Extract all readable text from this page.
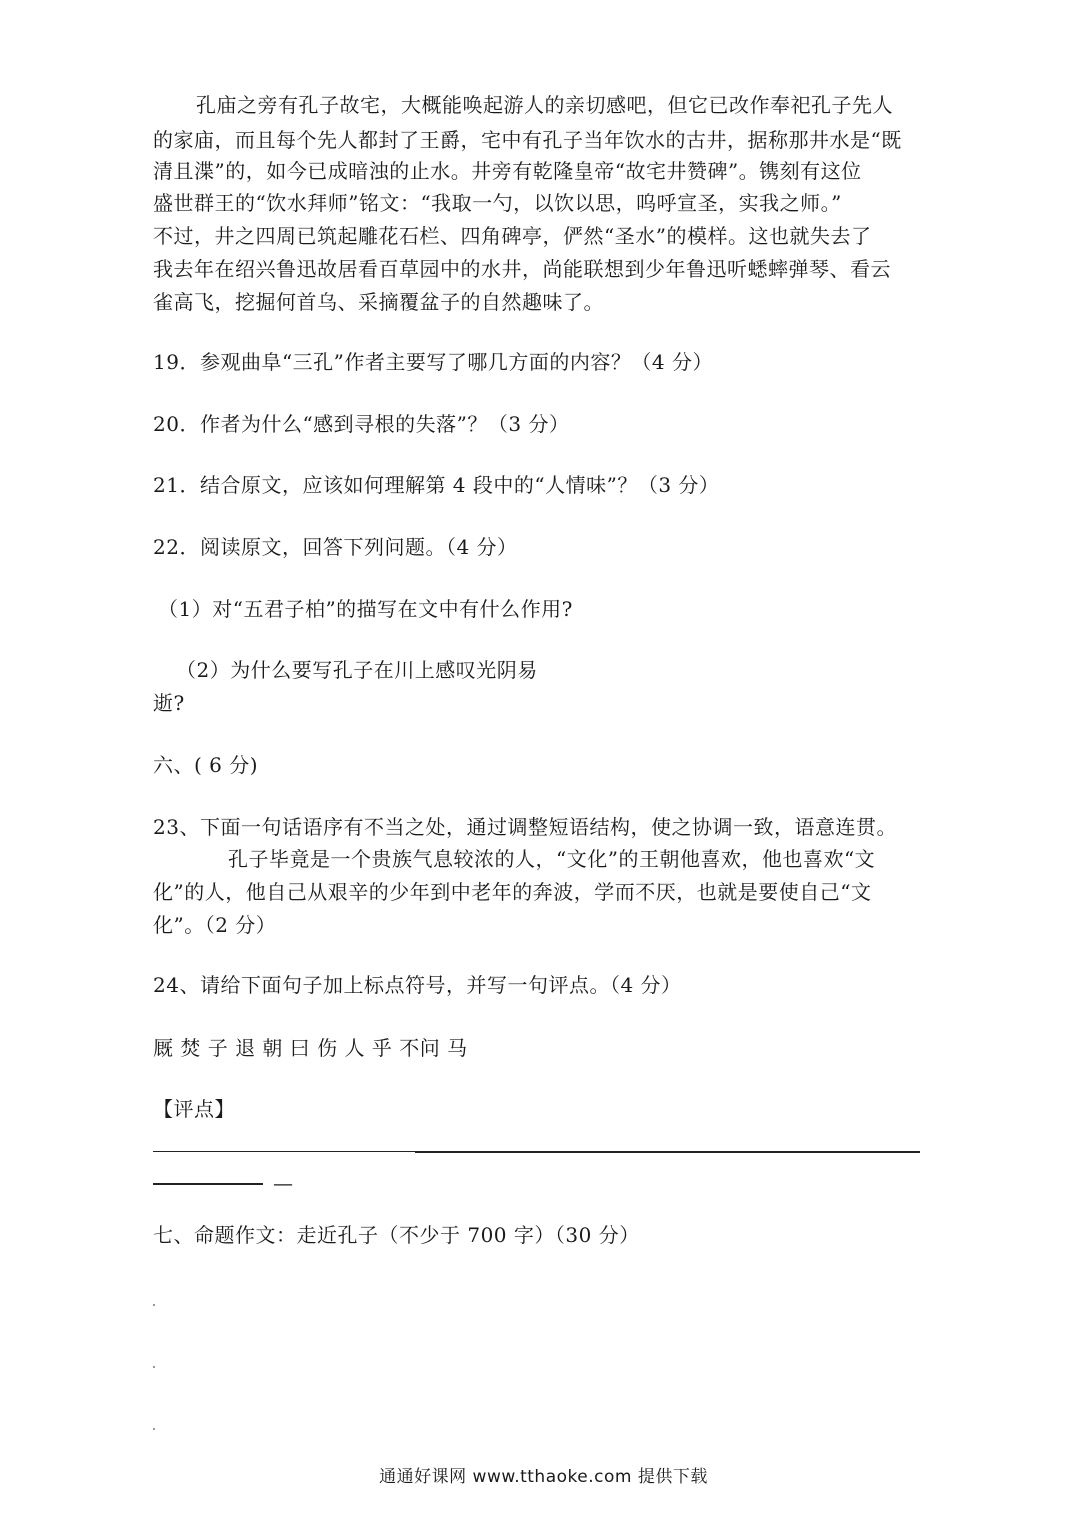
孔庙之旁有孔子故宅，大概能唤起游人的亲切感吧，但它已改作奉祀孔子先人
的家庙，而且每个先人都封了王爵，宅中有孔子当年饮水的古井，据称那井水是“既
清且渫”的，如今已成暗浊的止水。井旁有乾隆皇帝“故宅井赞碑”。镌刻有这位
盛世群王的“饮水拜师”铭文：“我取一勺，以饮以思，呜呼宣圣，实我之师。”
不过，井之四周已筑起雕花石栏、四角碑亭，俨然“圣水”的模样。这也就失去了
我去年在绍兴鲁迅故居看百草园中的水井，尚能联想到少年鲁迅听蟋蟀弹琴、看云
雀高飞，挖掘何首乌、采摘覆盆子的自然趣味了。
19．参观曲阜“三孔”作者主要写了哪几方面的内容？（4 分）
20．作者为什么“感到寻根的失落”？（3 分）
21．结合原文，应该如何理解第 4 段中的“人情味”？（3 分）
22．阅读原文，回答下列问题。（4 分）
（1）对“五君子柏”的描写在文中有什么作用?
（2）为什么要写孔子在川上感叹光阴易
逝?
六、( 6 分)
23、下面一句话语序有不当之处，通过调整短语结构，使之协调一致，语意连贯。
孔子毕竟是一个贵族气息较浓的人，“文化”的王朝他喜欢，他也喜欢“文
化”的人，他自己从艰辛的少年到中老年的奔波，学而不厌，也就是要使自己“文
化”。（2 分）
24、请给下面句子加上标点符号，并写一句评点。（4 分）
厩 焚 子 退 朝 曰 伤 人 乎 不问 马
【评点】
—
七、命题作文：走近孔子（不少于 700 字）（30 分）
通通好课网 www.tthaoke.com 提供下载
